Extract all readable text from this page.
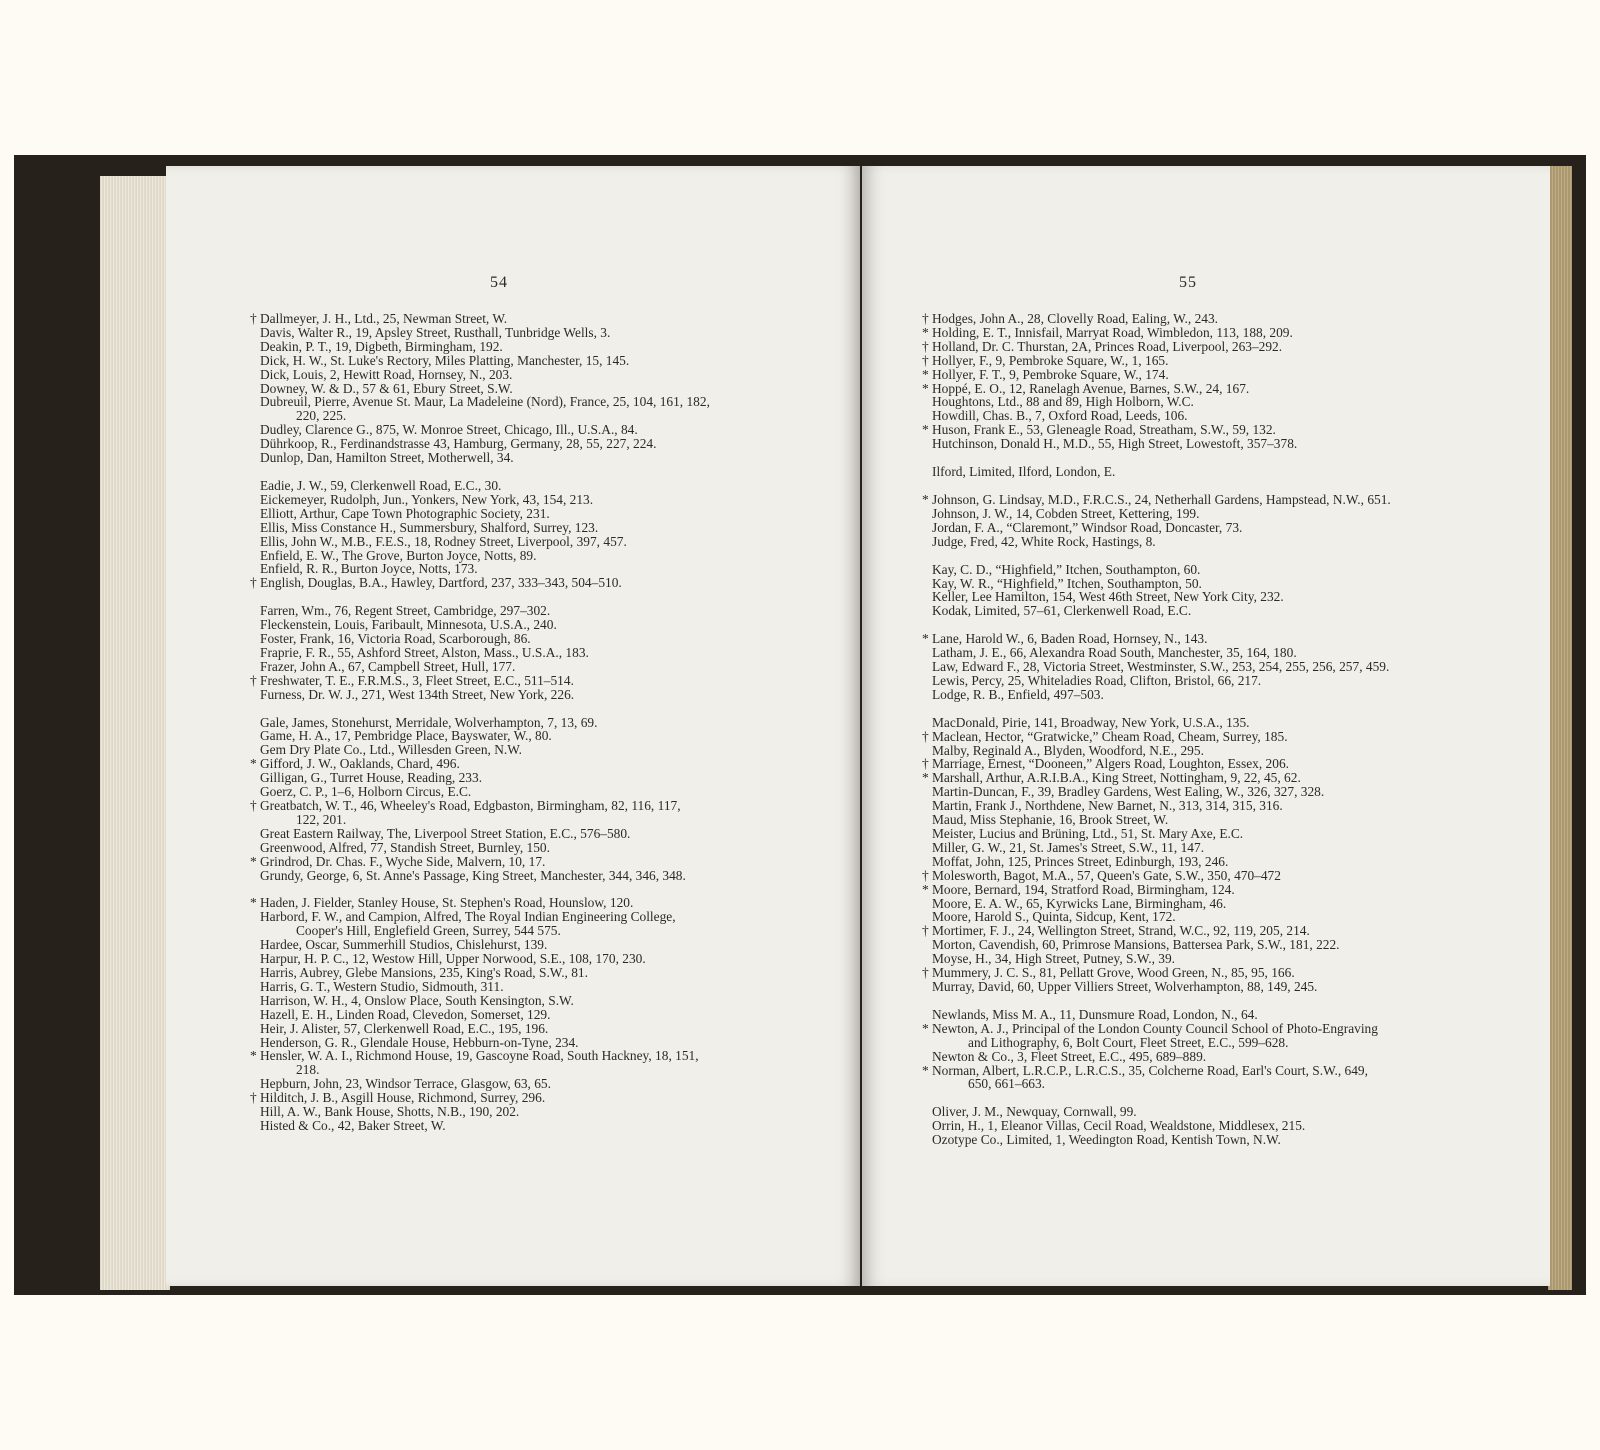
54
† Dallmeyer, J. H., Ltd., 25, Newman Street, W.
Davis, Walter R., 19, Apsley Street, Rusthall, Tunbridge Wells, 3.
Deakin, P. T., 19, Digbeth, Birmingham, 192.
Dick, H. W., St. Luke's Rectory, Miles Platting, Manchester, 15, 145.
Dick, Louis, 2, Hewitt Road, Hornsey, N., 203.
Downey, W. & D., 57 & 61, Ebury Street, S.W.
Dubreuil, Pierre, Avenue St. Maur, La Madeleine (Nord), France, 25, 104, 161, 182,
220, 225.
Dudley, Clarence G., 875, W. Monroe Street, Chicago, Ill., U.S.A., 84.
Dührkoop, R., Ferdinandstrasse 43, Hamburg, Germany, 28, 55, 227, 224.
Dunlop, Dan, Hamilton Street, Motherwell, 34.
Eadie, J. W., 59, Clerkenwell Road, E.C., 30.
Eickemeyer, Rudolph, Jun., Yonkers, New York, 43, 154, 213.
Elliott, Arthur, Cape Town Photographic Society, 231.
Ellis, Miss Constance H., Summersbury, Shalford, Surrey, 123.
Ellis, John W., M.B., F.E.S., 18, Rodney Street, Liverpool, 397, 457.
Enfield, E. W., The Grove, Burton Joyce, Notts, 89.
Enfield, R. R., Burton Joyce, Notts, 173.
† English, Douglas, B.A., Hawley, Dartford, 237, 333–343, 504–510.
Farren, Wm., 76, Regent Street, Cambridge, 297–302.
Fleckenstein, Louis, Faribault, Minnesota, U.S.A., 240.
Foster, Frank, 16, Victoria Road, Scarborough, 86.
Fraprie, F. R., 55, Ashford Street, Alston, Mass., U.S.A., 183.
Frazer, John A., 67, Campbell Street, Hull, 177.
† Freshwater, T. E., F.R.M.S., 3, Fleet Street, E.C., 511–514.
Furness, Dr. W. J., 271, West 134th Street, New York, 226.
Gale, James, Stonehurst, Merridale, Wolverhampton, 7, 13, 69.
Game, H. A., 17, Pembridge Place, Bayswater, W., 80.
Gem Dry Plate Co., Ltd., Willesden Green, N.W.
* Gifford, J. W., Oaklands, Chard, 496.
Gilligan, G., Turret House, Reading, 233.
Goerz, C. P., 1–6, Holborn Circus, E.C.
† Greatbatch, W. T., 46, Wheeley's Road, Edgbaston, Birmingham, 82, 116, 117,
122, 201.
Great Eastern Railway, The, Liverpool Street Station, E.C., 576–580.
Greenwood, Alfred, 77, Standish Street, Burnley, 150.
* Grindrod, Dr. Chas. F., Wyche Side, Malvern, 10, 17.
Grundy, George, 6, St. Anne's Passage, King Street, Manchester, 344, 346, 348.
* Haden, J. Fielder, Stanley House, St. Stephen's Road, Hounslow, 120.
Harbord, F. W., and Campion, Alfred, The Royal Indian Engineering College,
Cooper's Hill, Englefield Green, Surrey, 544 575.
Hardee, Oscar, Summerhill Studios, Chislehurst, 139.
Harpur, H. P. C., 12, Westow Hill, Upper Norwood, S.E., 108, 170, 230.
Harris, Aubrey, Glebe Mansions, 235, King's Road, S.W., 81.
Harris, G. T., Western Studio, Sidmouth, 311.
Harrison, W. H., 4, Onslow Place, South Kensington, S.W.
Hazell, E. H., Linden Road, Clevedon, Somerset, 129.
Heir, J. Alister, 57, Clerkenwell Road, E.C., 195, 196.
Henderson, G. R., Glendale House, Hebburn-on-Tyne, 234.
* Hensler, W. A. I., Richmond House, 19, Gascoyne Road, South Hackney, 18, 151,
218.
Hepburn, John, 23, Windsor Terrace, Glasgow, 63, 65.
† Hilditch, J. B., Asgill House, Richmond, Surrey, 296.
Hill, A. W., Bank House, Shotts, N.B., 190, 202.
Histed & Co., 42, Baker Street, W.
55
† Hodges, John A., 28, Clovelly Road, Ealing, W., 243.
* Holding, E. T., Innisfail, Marryat Road, Wimbledon, 113, 188, 209.
† Holland, Dr. C. Thurstan, 2A, Princes Road, Liverpool, 263–292.
† Hollyer, F., 9, Pembroke Square, W., 1, 165.
* Hollyer, F. T., 9, Pembroke Square, W., 174.
* Hoppé, E. O., 12, Ranelagh Avenue, Barnes, S.W., 24, 167.
Houghtons, Ltd., 88 and 89, High Holborn, W.C.
Howdill, Chas. B., 7, Oxford Road, Leeds, 106.
* Huson, Frank E., 53, Gleneagle Road, Streatham, S.W., 59, 132.
Hutchinson, Donald H., M.D., 55, High Street, Lowestoft, 357–378.
Ilford, Limited, Ilford, London, E.
* Johnson, G. Lindsay, M.D., F.R.C.S., 24, Netherhall Gardens, Hampstead, N.W., 651.
Johnson, J. W., 14, Cobden Street, Kettering, 199.
Jordan, F. A., “Claremont,” Windsor Road, Doncaster, 73.
Judge, Fred, 42, White Rock, Hastings, 8.
Kay, C. D., “Highfield,” Itchen, Southampton, 60.
Kay, W. R., “Highfield,” Itchen, Southampton, 50.
Keller, Lee Hamilton, 154, West 46th Street, New York City, 232.
Kodak, Limited, 57–61, Clerkenwell Road, E.C.
* Lane, Harold W., 6, Baden Road, Hornsey, N., 143.
Latham, J. E., 66, Alexandra Road South, Manchester, 35, 164, 180.
Law, Edward F., 28, Victoria Street, Westminster, S.W., 253, 254, 255, 256, 257, 459.
Lewis, Percy, 25, Whiteladies Road, Clifton, Bristol, 66, 217.
Lodge, R. B., Enfield, 497–503.
MacDonald, Pirie, 141, Broadway, New York, U.S.A., 135.
† Maclean, Hector, “Gratwicke,” Cheam Road, Cheam, Surrey, 185.
Malby, Reginald A., Blyden, Woodford, N.E., 295.
† Marriage, Ernest, “Dooneen,” Algers Road, Loughton, Essex, 206.
* Marshall, Arthur, A.R.I.B.A., King Street, Nottingham, 9, 22, 45, 62.
Martin-Duncan, F., 39, Bradley Gardens, West Ealing, W., 326, 327, 328.
Martin, Frank J., Northdene, New Barnet, N., 313, 314, 315, 316.
Maud, Miss Stephanie, 16, Brook Street, W.
Meister, Lucius and Brüning, Ltd., 51, St. Mary Axe, E.C.
Miller, G. W., 21, St. James's Street, S.W., 11, 147.
Moffat, John, 125, Princes Street, Edinburgh, 193, 246.
† Molesworth, Bagot, M.A., 57, Queen's Gate, S.W., 350, 470–472
* Moore, Bernard, 194, Stratford Road, Birmingham, 124.
Moore, E. A. W., 65, Kyrwicks Lane, Birmingham, 46.
Moore, Harold S., Quinta, Sidcup, Kent, 172.
† Mortimer, F. J., 24, Wellington Street, Strand, W.C., 92, 119, 205, 214.
Morton, Cavendish, 60, Primrose Mansions, Battersea Park, S.W., 181, 222.
Moyse, H., 34, High Street, Putney, S.W., 39.
† Mummery, J. C. S., 81, Pellatt Grove, Wood Green, N., 85, 95, 166.
Murray, David, 60, Upper Villiers Street, Wolverhampton, 88, 149, 245.
Newlands, Miss M. A., 11, Dunsmure Road, London, N., 64.
* Newton, A. J., Principal of the London County Council School of Photo-Engraving
and Lithography, 6, Bolt Court, Fleet Street, E.C., 599–628.
Newton & Co., 3, Fleet Street, E.C., 495, 689–889.
* Norman, Albert, L.R.C.P., L.R.C.S., 35, Colcherne Road, Earl's Court, S.W., 649,
650, 661–663.
Oliver, J. M., Newquay, Cornwall, 99.
Orrin, H., 1, Eleanor Villas, Cecil Road, Wealdstone, Middlesex, 215.
Ozotype Co., Limited, 1, Weedington Road, Kentish Town, N.W.
